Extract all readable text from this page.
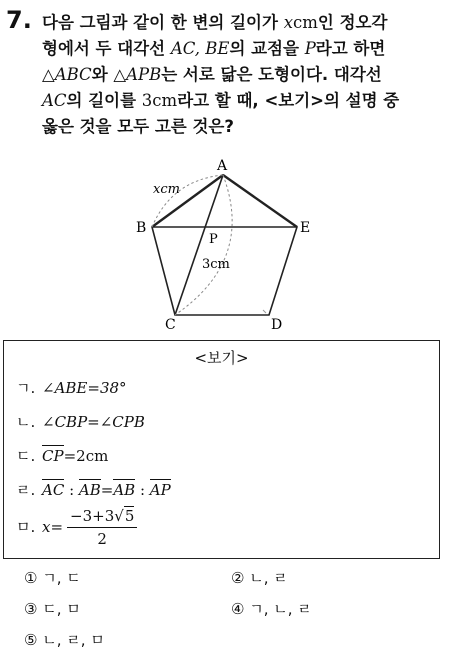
7. 다음 그림과 같이 한 변의 길이가 xcm인 정오각
형에서 두 대각선 AC, BE의 교점을 P라고 하면
△ABC와 △APB는 서로 닮은 도형이다. 대각선
AC의 길이를 3cm라고 할 때, <보기>의 설명 중
옳은 것을 모두 고른 것은?
A
B	E
C	D
P
xcm
3cm
<보기>
ㄱ. ∠ABE=38°
ㄴ. ∠CBP=∠CPB
ㄷ. CP=2cm
ㄹ. AC : AB=AB : AP
ㅁ. $x= \frac{-3+3√5}{2}$
① ㄱ, ㄷ	② ㄴ, ㄹ
③ ㄷ, ㅁ	④ ㄱ, ㄴ, ㄹ
⑤ ㄴ, ㄹ, ㅁ
